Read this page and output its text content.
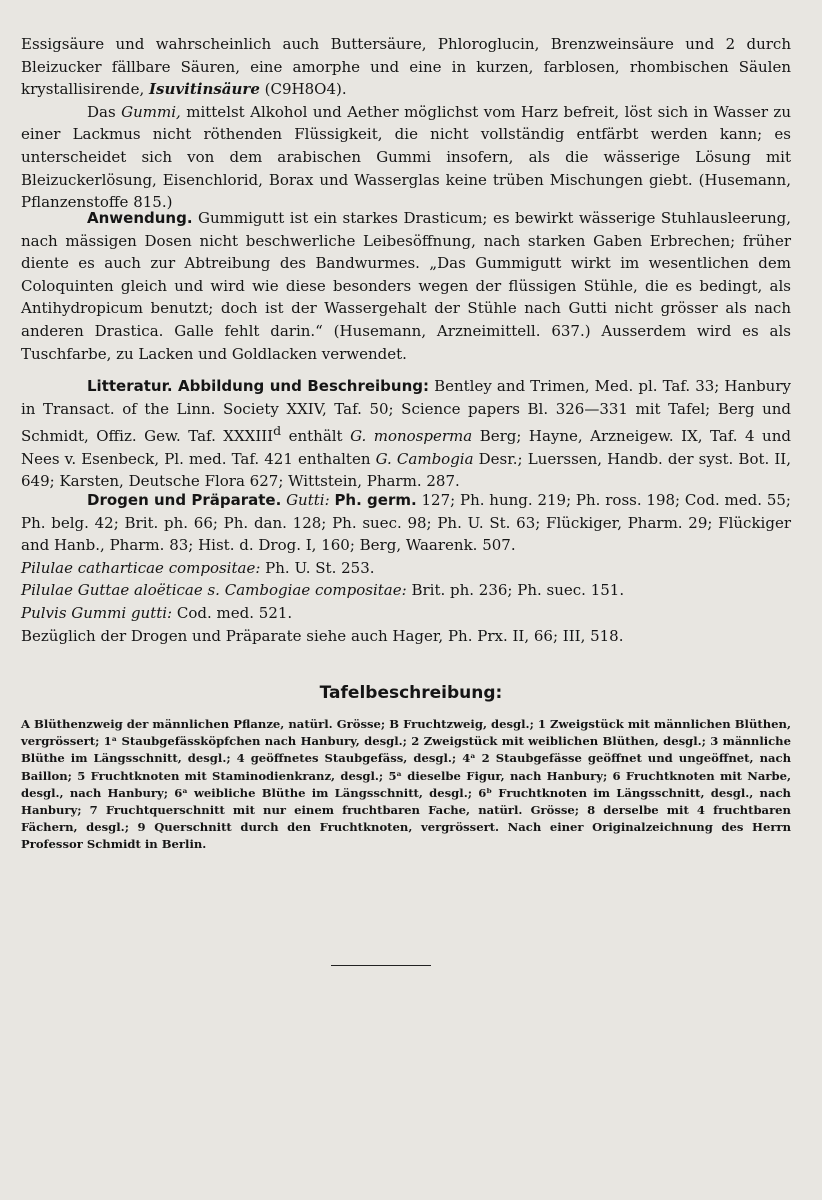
Essigsäure und wahrscheinlich auch Buttersäure, Phloroglucin, Brenzweinsäure und 2 durch Bleizucker fällbare Säuren, eine amorphe und eine in kurzen, farblosen, rhombischen Säulen krystallisirende, Isuvitinsäure (C9H8O4).

Das Gummi, mittelst Alkohol und Aether möglichst vom Harz befreit, löst sich in Wasser zu einer Lackmus nicht röthenden Flüssigkeit, die nicht vollständig entfärbt werden kann; es unterscheidet sich von dem arabischen Gummi insofern, als die wässerige Lösung mit Bleizuckerlösung, Eisenchlorid, Borax und Wasserglas keine trüben Mischungen giebt. (Husemann, Pflanzenstoffe 815.)

Anwendung. Gummigutt ist ein starkes Drasticum; es bewirkt wässerige Stuhlausleerung, nach mässigen Dosen nicht beschwerliche Leibesöffnung, nach starken Gaben Erbrechen; früher diente es auch zur Abtreibung des Bandwurmes. „Das Gummigutt wirkt im wesentlichen dem Coloquinten gleich und wird wie diese besonders wegen der flüssigen Stühle, die es bedingt, als Antihydropicum benutzt; doch ist der Wassergehalt der Stühle nach Gutti nicht grösser als nach anderen Drastica. Galle fehlt darin.“ (Husemann, Arzneimittell. 637.) Ausserdem wird es als Tuschfarbe, zu Lacken und Goldlacken verwendet.

Litteratur. Abbildung und Beschreibung: Bentley and Trimen, Med. pl. Taf. 33; Hanbury in Transact. of the Linn. Society XXIV, Taf. 50; Science papers Bl. 326—331 mit Tafel; Berg und Schmidt, Offiz. Gew. Taf. XXXIII$^d$ enthält G. monosperma Berg; Hayne, Arzneigew. IX, Taf. 4 und Nees v. Esenbeck, Pl. med. Taf. 421 enthalten G. Cambogia Desr.; Luerssen, Handb. der syst. Bot. II, 649; Karsten, Deutsche Flora 627; Wittstein, Pharm. 287.

Drogen und Präparate. Gutti: Ph. germ. 127; Ph. hung. 219; Ph. ross. 198; Cod. med. 55; Ph. belg. 42; Brit. ph. 66; Ph. dan. 128; Ph. suec. 98; Ph. U. St. 63; Flückiger, Pharm. 29; Flückiger and Hanb., Pharm. 83; Hist. d. Drog. I, 160; Berg, Waarenk. 507.

Pilulae catharticae compositae: Ph. U. St. 253.

Pilulae Guttae aloëticae s. Cambogiae compositae: Brit. ph. 236; Ph. suec. 151.

Pulvis Gummi gutti: Cod. med. 521.

Bezüglich der Drogen und Präparate siehe auch Hager, Ph. Prx. II, 66; III, 518.

Tafelbeschreibung:
A Blüthenzweig der männlichen Pflanze, natürl. Grösse; B Fruchtzweig, desgl.; 1 Zweigstück mit männlichen Blüthen, vergrössert; 1ᵃ Staubgefässköpfchen nach Hanbury, desgl.; 2 Zweigstück mit weiblichen Blüthen, desgl.; 3 männliche Blüthe im Längsschnitt, desgl.; 4 geöffnetes Staubgefäss, desgl.; 4ᵃ 2 Staubgefässe geöffnet und ungeöffnet, nach Baillon; 5 Fruchtknoten mit Staminodienkranz, desgl.; 5ᵃ dieselbe Figur, nach Hanbury; 6 Fruchtknoten mit Narbe, desgl., nach Hanbury; 6ᵃ weibliche Blüthe im Längsschnitt, desgl.; 6ᵇ Fruchtknoten im Längsschnitt, desgl., nach Hanbury; 7 Fruchtquerschnitt mit nur einem fruchtbaren Fache, natürl. Grösse; 8 derselbe mit 4 fruchtbaren Fächern, desgl.; 9 Querschnitt durch den Fruchtknoten, vergrössert. Nach einer Originalzeichnung des Herrn Professor Schmidt in Berlin.
